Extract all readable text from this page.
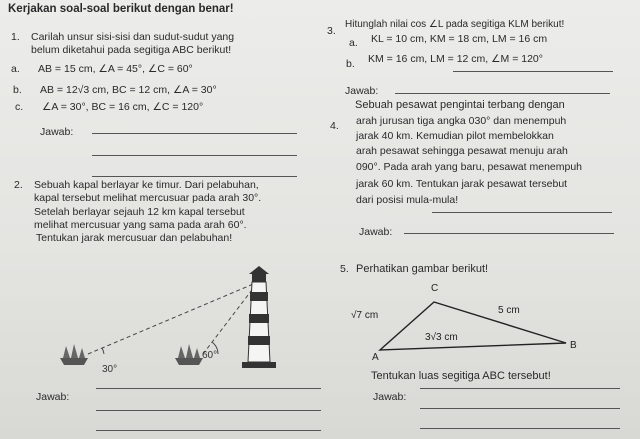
Kerjakan soal-soal berikut dengan benar!
1. Carilah unsur sisi-sisi dan sudut-sudut yang
belum diketahui pada segitiga ABC berikut!
a. AB = 15 cm, ∠A = 45°, ∠C = 60°
b. AB = 12√3 cm, BC = 12 cm, ∠A = 30°
c. ∠A = 30°, BC = 16 cm, ∠C = 120°
Jawab:
2. Sebuah kapal berlayar ke timur. Dari pelabuhan,
kapal tersebut melihat mercusuar pada arah 30°.
Setelah berlayar sejauh 12 km kapal tersebut
melihat mercusuar yang sama pada arah 60°.
Tentukan jarak mercusuar dan pelabuhan!
30°
60°
Jawab:
3.
Hitunglah nilai cos ∠L pada segitiga KLM berikut!
a. KL = 10 cm, KM = 18 cm, LM = 16 cm
b. KM = 16 cm, LM = 12 cm, ∠M = 120°
Jawab:
4.
Sebuah pesawat pengintai terbang dengan
arah jurusan tiga angka 030° dan menempuh
jarak 40 km. Kemudian pilot membelokkan
arah pesawat sehingga pesawat menuju arah
090°. Pada arah yang baru, pesawat menempuh
jarak 60 km. Tentukan jarak pesawat tersebut
dari posisi mula-mula!
Jawab:
5. Perhatikan gambar berikut!
C
A
B
√7 cm	5 cm
3√3 cm
Tentukan luas segitiga ABC tersebut!
Jawab:
